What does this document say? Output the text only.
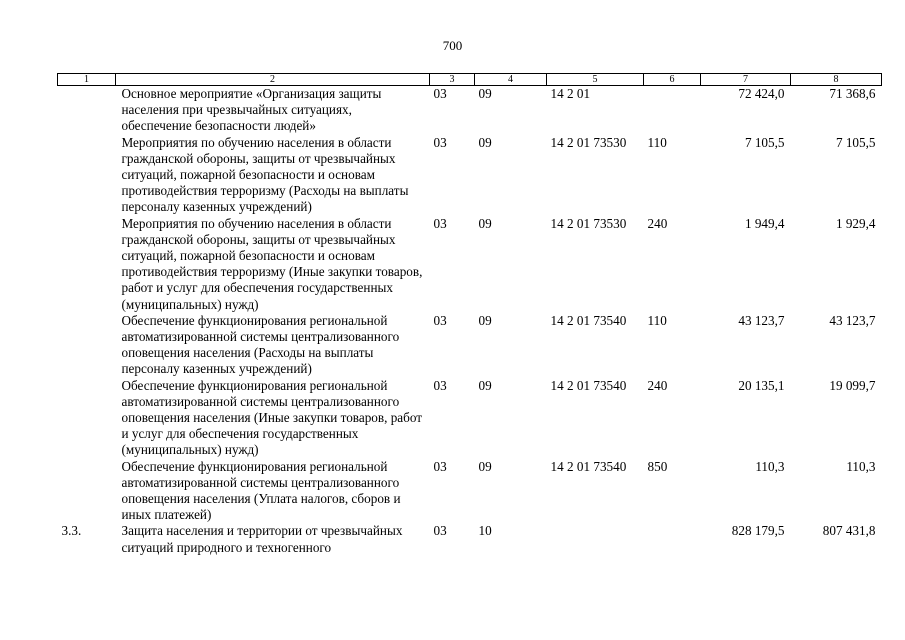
700
1	2	3	4	5	6	7	8
	Основное мероприятие «Организация защиты населения при чрезвычайных ситуациях, обеспечение безопасности людей»	03	09	14 2 01		72 424,0	71 368,6
	Мероприятия по обучению населения в области гражданской обороны, защиты от чрезвычайных ситуаций, пожарной безопасности и основам противодействия терроризму (Расходы на выплаты персоналу казенных учреждений)	03	09	14 2 01 73530	110	7 105,5	7 105,5
	Мероприятия по обучению населения в области гражданской обороны, защиты от чрезвычайных ситуаций, пожарной безопасности и основам противодействия терроризму (Иные закупки товаров, работ и услуг для обеспечения государственных (муниципальных) нужд)	03	09	14 2 01 73530	240	1 949,4	1 929,4
	Обеспечение функционирования региональной автоматизированной системы централизованного оповещения населения (Расходы на выплаты персоналу казенных учреждений)	03	09	14 2 01 73540	110	43 123,7	43 123,7
	Обеспечение функционирования региональной автоматизированной системы централизованного оповещения населения (Иные закупки товаров, работ и услуг для обеспечения государственных (муниципальных) нужд)	03	09	14 2 01 73540	240	20 135,1	19 099,7
	Обеспечение функционирования региональной автоматизированной системы централизованного оповещения населения (Уплата налогов, сборов и иных платежей)	03	09	14 2 01 73540	850	110,3	110,3
3.3.	Защита населения и территории от чрезвычайных ситуаций природного и техногенного	03	10			828 179,5	807 431,8
